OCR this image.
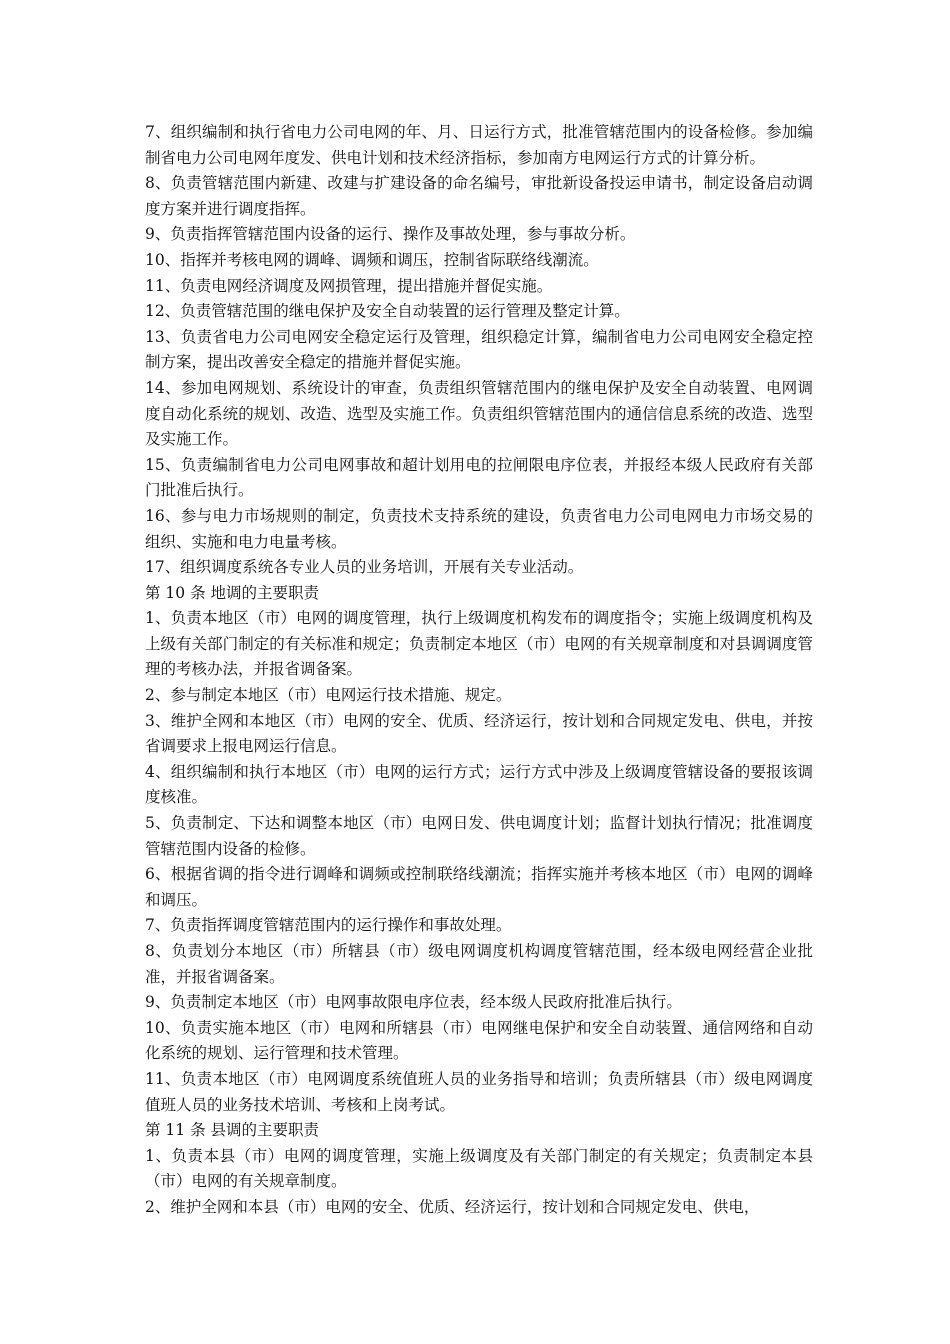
7、组织编制和执行省电力公司电网的年、月、日运行方式，批准管辖范围内的设备检修。参加编制省电力公司电网年度发、供电计划和技术经济指标，参加南方电网运行方式的计算分析。

8、负责管辖范围内新建、改建与扩建设备的命名编号，审批新设备投运申请书，制定设备启动调度方案并进行调度指挥。

9、负责指挥管辖范围内设备的运行、操作及事故处理，参与事故分析。

10、指挥并考核电网的调峰、调频和调压，控制省际联络线潮流。

11、负责电网经济调度及网损管理，提出措施并督促实施。

12、负责管辖范围的继电保护及安全自动装置的运行管理及整定计算。

13、负责省电力公司电网安全稳定运行及管理，组织稳定计算，编制省电力公司电网安全稳定控制方案，提出改善安全稳定的措施并督促实施。

14、参加电网规划、系统设计的审查，负责组织管辖范围内的继电保护及安全自动装置、电网调度自动化系统的规划、改造、选型及实施工作。负责组织管辖范围内的通信信息系统的改造、选型及实施工作。

15、负责编制省电力公司电网事故和超计划用电的拉闸限电序位表，并报经本级人民政府有关部门批准后执行。

16、参与电力市场规则的制定，负责技术支持系统的建设，负责省电力公司电网电力市场交易的组织、实施和电力电量考核。

17、组织调度系统各专业人员的业务培训，开展有关专业活动。

第 10 条 地调的主要职责

1、负责本地区（市）电网的调度管理，执行上级调度机构发布的调度指令；实施上级调度机构及上级有关部门制定的有关标准和规定；负责制定本地区（市）电网的有关规章制度和对县调调度管理的考核办法，并报省调备案。

2、参与制定本地区（市）电网运行技术措施、规定。

3、维护全网和本地区（市）电网的安全、优质、经济运行，按计划和合同规定发电、供电，并按省调要求上报电网运行信息。

4、组织编制和执行本地区（市）电网的运行方式；运行方式中涉及上级调度管辖设备的要报该调度核准。

5、负责制定、下达和调整本地区（市）电网日发、供电调度计划；监督计划执行情况；批准调度管辖范围内设备的检修。

6、根据省调的指令进行调峰和调频或控制联络线潮流；指挥实施并考核本地区（市）电网的调峰和调压。

7、负责指挥调度管辖范围内的运行操作和事故处理。

8、负责划分本地区（市）所辖县（市）级电网调度机构调度管辖范围，经本级电网经营企业批准，并报省调备案。

9、负责制定本地区（市）电网事故限电序位表，经本级人民政府批准后执行。

10、负责实施本地区（市）电网和所辖县（市）电网继电保护和安全自动装置、通信网络和自动化系统的规划、运行管理和技术管理。

11、负责本地区（市）电网调度系统值班人员的业务指导和培训；负责所辖县（市）级电网调度值班人员的业务技术培训、考核和上岗考试。

第 11 条 县调的主要职责

1、负责本县（市）电网的调度管理，实施上级调度及有关部门制定的有关规定；负责制定本县（市）电网的有关规章制度。

2、维护全网和本县（市）电网的安全、优质、经济运行，按计划和合同规定发电、供电，
